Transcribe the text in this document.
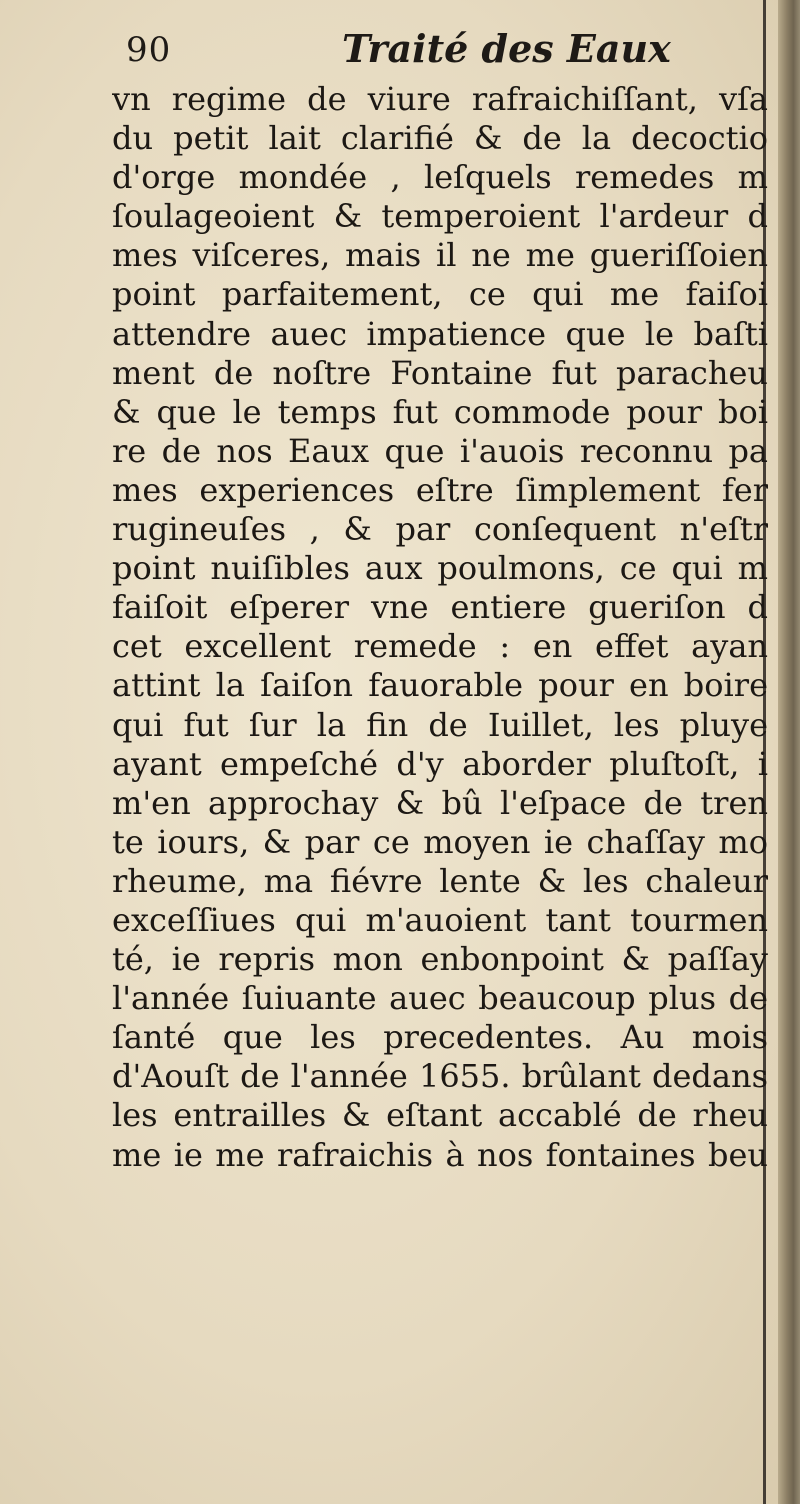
90	Traité des Eaux
vn regime de viure rafraichiſſant, vſa
du petit lait clarifié & de la decoctio
d'orge mondée , leſquels remedes m
ſoulageoient & temperoient l'ardeur d
mes viſceres, mais il ne me gueriſſoien
point parfaitement, ce qui me faiſoi
attendre auec impatience que le baſti
ment de noſtre Fontaine fut paracheu
& que le temps fut commode pour boi
re de nos Eaux que i'auois reconnu pa
mes experiences eſtre ſimplement fer
rugineuſes , & par conſequent n'eſtr
point nuiſibles aux poulmons, ce qui m
faiſoit eſperer vne entiere gueriſon d
cet excellent remede : en effet ayan
attint la ſaiſon fauorable pour en boire
qui fut ſur la fin de Iuillet, les pluye
ayant empeſché d'y aborder pluſtoſt, i
m'en approchay & bû l'eſpace de tren
te iours, & par ce moyen ie chaſſay mo
rheume, ma fiévre lente & les chaleur
exceſſiues qui m'auoient tant tourmen
té, ie repris mon enbonpoint & paſſay
l'année ſuiuante auec beaucoup plus de
ſanté que les precedentes. Au mois
d'Aouſt de l'année 1655. brûlant dedans
les entrailles & eſtant accablé de rheu
me ie me rafraichis à nos fontaines beu
